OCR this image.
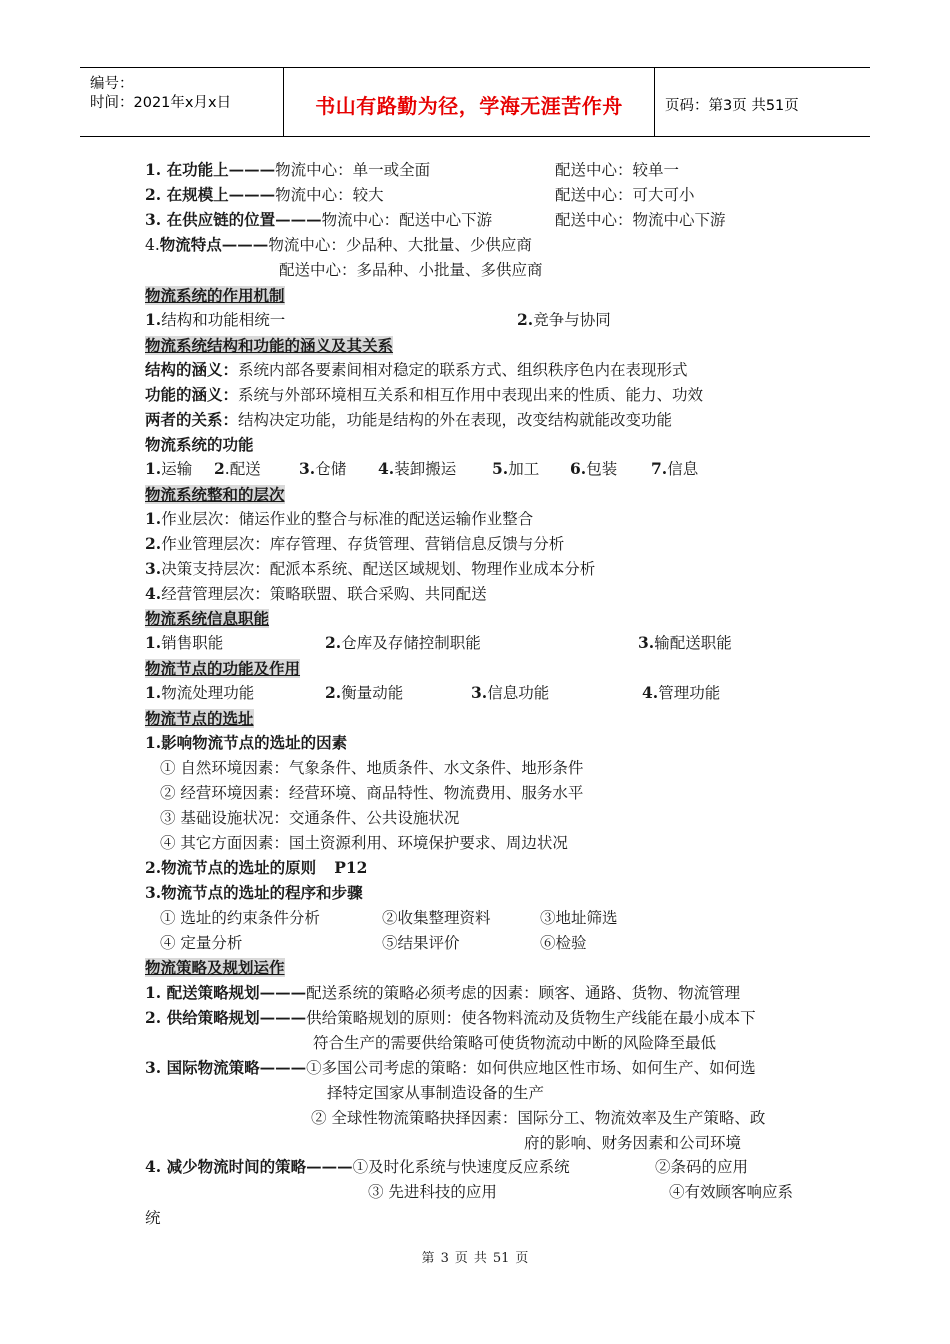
编号：
时间：2021年x月x日	书山有路勤为径，学海无涯苦作舟	页码：第3页 共51页
1. 在功能上———物流中心：单一或全面	配送中心：较单一
2. 在规模上———物流中心：较大	配送中心：可大可小
3. 在供应链的位置———物流中心：配送中心下游	配送中心：物流中心下游
4.物流特点———物流中心：少品种、大批量、少供应商
配送中心：多品种、小批量、多供应商
物流系统的作用机制
1.结构和功能相统一	2.竞争与协同
物流系统结构和功能的涵义及其关系
结构的涵义：系统内部各要素间相对稳定的联系方式、组织秩序色内在表现形式
功能的涵义：系统与外部环境相互关系和相互作用中表现出来的性质、能力、功效
两者的关系：结构决定功能，功能是结构的外在表现，改变结构就能改变功能
物流系统的功能
1.运输 2.配送 3.仓储 4.装卸搬运 5.加工 6.包装 7.信息
物流系统整和的层次
1.作业层次：储运作业的整合与标准的配送运输作业整合
2.作业管理层次：库存管理、存货管理、营销信息反馈与分析
3.决策支持层次：配派本系统、配送区域规划、物理作业成本分析
4.经营管理层次：策略联盟、联合采购、共同配送
物流系统信息职能
1.销售职能	2.仓库及存储控制职能	3.输配送职能
物流节点的功能及作用
1.物流处理功能	2.衡量动能	3.信息功能	4.管理功能
物流节点的选址
1.影响物流节点的选址的因素
① 自然环境因素：气象条件、地质条件、水文条件、地形条件
② 经营环境因素：经营环境、商品特性、物流费用、服务水平
③ 基础设施状况：交通条件、公共设施状况
④ 其它方面因素：国土资源利用、环境保护要求、周边状况
2.物流节点的选址的原则 P12
3.物流节点的选址的程序和步骤
① 选址的约束条件分析	②收集整理资料	③地址筛选
④ 定量分析	⑤结果评价	⑥检验
物流策略及规划运作
1. 配送策略规划———配送系统的策略必须考虑的因素：顾客、通路、货物、物流管理
2. 供给策略规划———供给策略规划的原则：使各物料流动及货物生产线能在最小成本下
符合生产的需要供给策略可使货物流动中断的风险降至最低
3. 国际物流策略———①多国公司考虑的策略：如何供应地区性市场、如何生产、如何选
择特定国家从事制造设备的生产
② 全球性物流策略抉择因素：国际分工、物流效率及生产策略、政
府的影响、财务因素和公司环境
4. 减少物流时间的策略———①及时化系统与快速度反应系统	②条码的应用
③ 先进科技的应用	④有效顾客响应系
统
第 3 页 共 51 页
